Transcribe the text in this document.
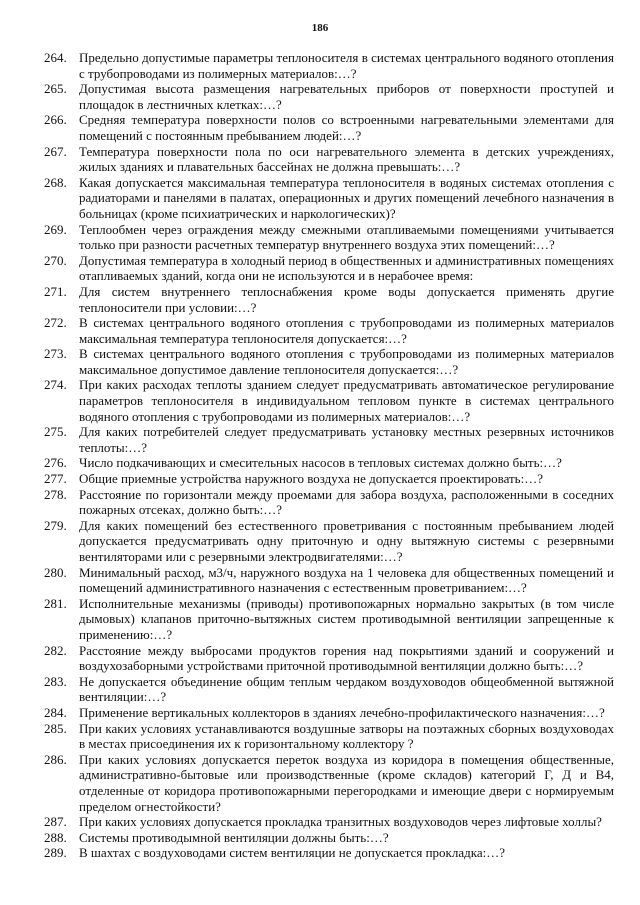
186
264. Предельно допустимые параметры теплоносителя в системах центрального водяного отопления с трубопроводами из полимерных материалов:…?
265. Допустимая высота размещения нагревательных приборов от поверхности проступей и площадок в лестничных клетках:…?
266. Средняя температура поверхности полов со встроенными нагревательными элементами для помещений с постоянным пребыванием людей:…?
267. Температура поверхности пола по оси нагревательного элемента в детских учреждениях, жилых зданиях и плавательных бассейнах не должна превышать:…?
268. Какая допускается максимальная температура теплоносителя в водяных системах отопления с радиаторами и панелями в палатах, операционных и других помещений лечебного назначения в больницах (кроме психиатрических и наркологических)?
269. Теплообмен через ограждения между смежными отапливаемыми помещениями учитывается только при разности расчетных температур внутреннего воздуха этих помещений:…?
270. Допустимая температура в холодный период в общественных и административных помещениях отапливаемых зданий, когда они не используются и в нерабочее время:
271. Для систем внутреннего теплоснабжения кроме воды допускается применять другие теплоносители при условии:…?
272. В системах центрального водяного отопления с трубопроводами из полимерных материалов максимальная температура теплоносителя допускается:…?
273. В системах центрального водяного отопления с трубопроводами из полимерных материалов максимальное допустимое давление теплоносителя допускается:…?
274. При каких расходах теплоты зданием следует предусматривать автоматическое регулирование параметров теплоносителя в индивидуальном тепловом пункте в системах центрального водяного отопления с трубопроводами из полимерных материалов:…?
275. Для каких потребителей следует предусматривать установку местных резервных источников теплоты:…?
276. Число подкачивающих и смесительных насосов в тепловых системах должно быть:…?
277. Общие приемные устройства наружного воздуха не допускается проектировать:…?
278. Расстояние по горизонтали между проемами для забора воздуха, расположенными в соседних пожарных отсеках, должно быть:…?
279. Для каких помещений без естественного проветривания с постоянным пребыванием людей допускается предусматривать одну приточную и одну вытяжную системы с резервными вентиляторами или с резервными электродвигателями:…?
280. Минимальный расход, м3/ч, наружного воздуха на 1 человека для общественных помещений и помещений административного назначения с естественным проветриванием:…?
281. Исполнительные механизмы (приводы) противопожарных нормально закрытых (в том числе дымовых) клапанов приточно-вытяжных систем противодымной вентиляции запрещенные к применению:…?
282. Расстояние между выбросами продуктов горения над покрытиями зданий и сооружений и воздухозаборными устройствами приточной противодымной вентиляции должно быть:…?
283. Не допускается объединение общим теплым чердаком воздуховодов общеобменной вытяжной вентиляции:…?
284. Применение вертикальных коллекторов в зданиях лечебно-профилактического назначения:…?
285. При каких условиях устанавливаются воздушные затворы на поэтажных сборных воздуховодах в местах присоединения их к горизонтальному коллектору ?
286. При каких условиях допускается переток воздуха из коридора в помещения общественные, административно-бытовые или производственные (кроме складов) категорий Г, Д и В4, отделенные от коридора противопожарными перегородками и имеющие двери с нормируемым пределом огнестойкости?
287. При каких условиях допускается прокладка транзитных воздуховодов через лифтовые холлы?
288. Системы противодымной вентиляции должны быть:…?
289. В шахтах с воздуховодами систем вентиляции не допускается прокладка:…?
